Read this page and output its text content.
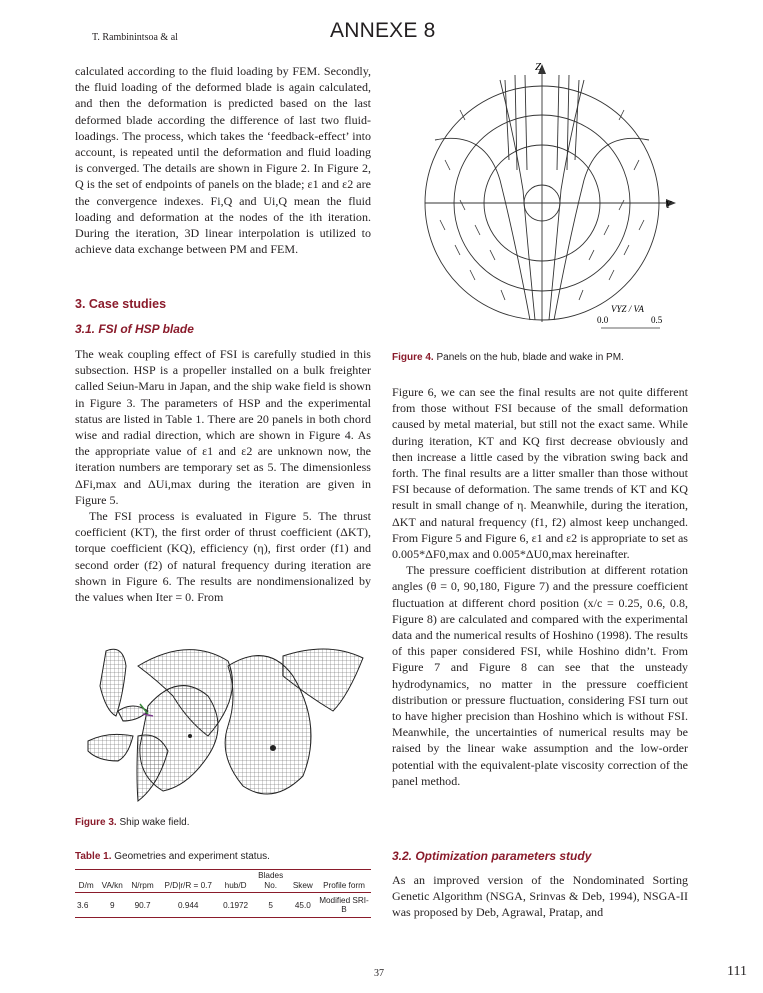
T. Rambinintsoa & al	ANNEXE 8

calculated according to the fluid loading by FEM. Secondly, the fluid loading of the deformed blade is again calculated, and then the deformation is predicted based on the last deformed blade according the difference of last two fluid-loadings. The process, which takes the ‘feedback-effect’ into account, is repeated until the deformation and fluid loading is converged. The details are shown in Figure 2. In Figure 2, Q is the set of endpoints of panels on the blade; ε1 and ε2 are the convergence indexes. Fi,Q and Ui,Q mean the fluid loading and deformation at the nodes of the ith iteration. During the iteration, 3D linear interpolation is utilized to achieve data exchange between PM and FEM.

3. Case studies
3.1. FSI of HSP blade

The weak coupling effect of FSI is carefully studied in this subsection. HSP is a propeller installed on a bulk freighter called Seiun-Maru in Japan, and the ship wake field is shown in Figure 3. The parameters of HSP and the experimental status are listed in Table 1. There are 20 panels in both chord wise and radial direction, which are shown in Figure 4. As the appropriate value of ε1 and ε2 are unknown now, the iteration numbers are temporary set as 5. The dimensionless ΔFi,max and ΔUi,max during the iteration are given in Figure 5.

The FSI process is evaluated in Figure 5. The thrust coefficient (KT), the first order of thrust coefficient (ΔKT), torque coefficient (KQ), efficiency (η), first order (f1) and second order (f2) of natural frequency during iteration are shown in Figure 6. The results are nondimensionalized by the values when Iter = 0. From

Figure 3. Ship wake field.
Table 1. Geometries and experiment status.
D/m	VA/kn	N/rpm	P/D|r/R = 0.7	hub/D	Blades No.	Skew	Profile form
3.6	9	90.7	0.944	0.1972	5	45.0	Modified SRI-B
Z
Y
VYZ / VA
0.0	0.5
Figure 4. Panels on the hub, blade and wake in PM.

Figure 6, we can see the final results are not quite different from those without FSI because of the small deformation caused by metal material, but still not the exact same. While during iteration, KT and KQ first decrease obviously and then increase a little cased by the vibration swing back and forth. The final results are a litter smaller than those without FSI because of deformation. The same trends of KT and KQ result in small change of η. Meanwhile, during the iteration, ΔKT and natural frequency (f1, f2) almost keep unchanged. From Figure 5 and Figure 6, ε1 and ε2 is appropriate to set as 0.005*ΔF0,max and 0.005*ΔU0,max hereinafter.

The pressure coefficient distribution at different rotation angles (θ = 0, 90,180, Figure 7) and the pressure coefficient fluctuation at different chord position (x/c = 0.25, 0.6, 0.8, Figure 8) are calculated and compared with the experimental data and the numerical results of Hoshino (1998). The results of this paper considered FSI, while Hoshino didn’t. From Figure 7 and Figure 8 can see that the unsteady hydrodynamics, no matter in the pressure coefficient distribution or pressure fluctuation, considering FSI turn out to have higher precision than Hoshino which is without FSI. Meanwhile, the uncertainties of numerical results may be raised by the linear wake assumption and the low-order potential with the equivalent-plate viscosity correction of the panel method.

3.2. Optimization parameters study

As an improved version of the Nondominated Sorting Genetic Algorithm (NSGA, Srinvas & Deb, 1994), NSGA-II was proposed by Deb, Agrawal, Pratap, and

37	111
